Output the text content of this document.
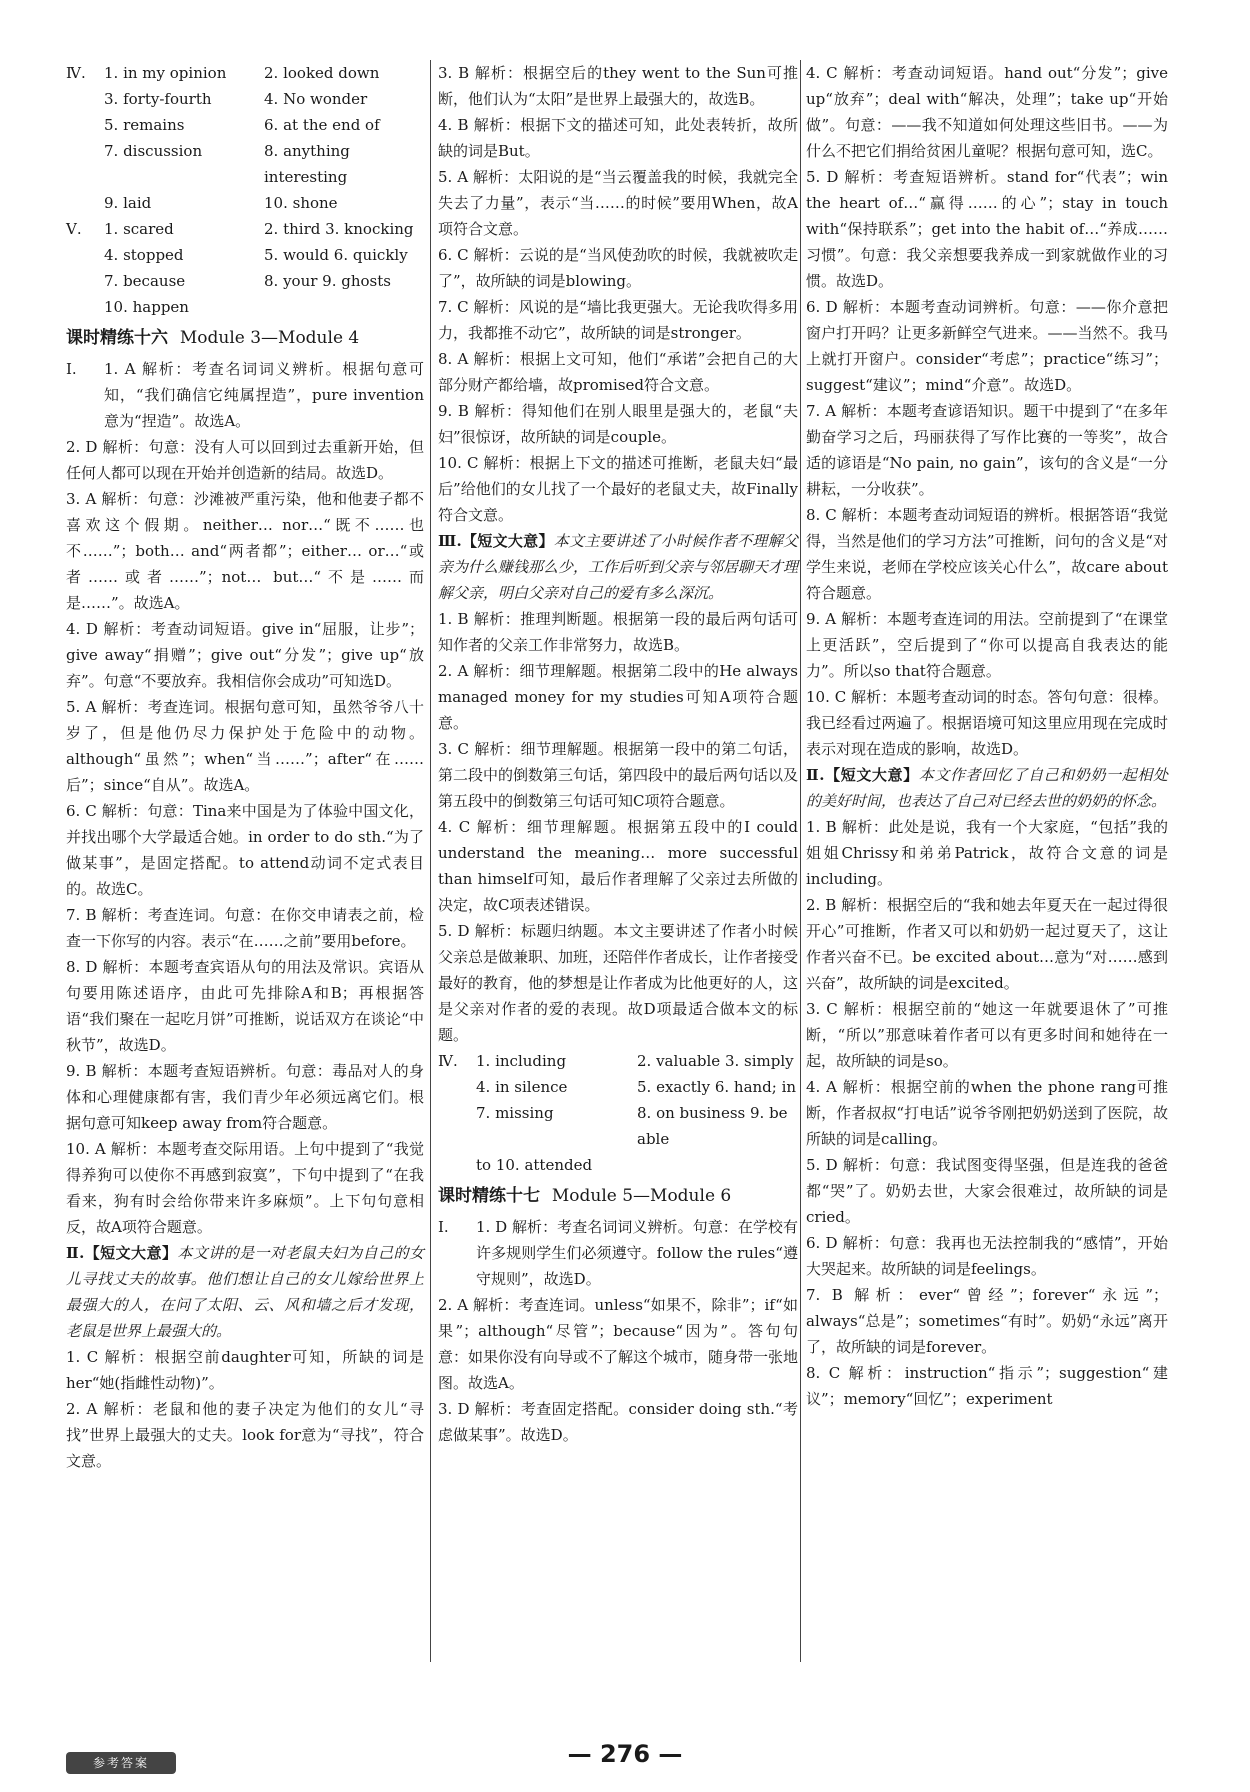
Ⅳ.	1. in my opinion	2. looked down
3. forty-fourth	4. No wonder
5. remains	6. at the end of
7. discussion	8. anything interesting
9. laid	10. shone
Ⅴ.	1. scared	2. third 3. knocking
4. stopped	5. would 6. quickly
7. because	8. your 9. ghosts
10. happen
课时精练十六 Module 3—Module 4
Ⅰ.	1. A 解析：考查名词词义辨析。根据句意可知，“我们确信它纯属捏造”，pure invention意为“捏造”。故选A。

2. D 解析：句意：没有人可以回到过去重新开始，但任何人都可以现在开始并创造新的结局。故选D。

3. A 解析：句意：沙滩被严重污染，他和他妻子都不喜欢这个假期。neither… nor…“既不……也不……”；both… and“两者都”；either… or…“或者……或者……”；not… but…“不是……而是……”。故选A。

4. D 解析：考查动词短语。give in“屈服，让步”；give away“捐赠”；give out“分发”；give up“放弃”。句意“不要放弃。我相信你会成功”可知选D。

5. A 解析：考查连词。根据句意可知，虽然爷爷八十岁了，但是他仍尽力保护处于危险中的动物。although“虽然”；when“当……”；after“在……后”；since“自从”。故选A。

6. C 解析：句意：Tina来中国是为了体验中国文化，并找出哪个大学最适合她。in order to do sth.“为了做某事”，是固定搭配。to attend动词不定式表目的。故选C。

7. B 解析：考查连词。句意：在你交申请表之前，检查一下你写的内容。表示“在……之前”要用before。

8. D 解析：本题考查宾语从句的用法及常识。宾语从句要用陈述语序，由此可先排除A和B；再根据答语“我们聚在一起吃月饼”可推断，说话双方在谈论“中秋节”，故选D。

9. B 解析：本题考查短语辨析。句意：毒品对人的身体和心理健康都有害，我们青少年必须远离它们。根据句意可知keep away from符合题意。

10. A 解析：本题考查交际用语。上句中提到了“我觉得养狗可以使你不再感到寂寞”，下句中提到了“在我看来，狗有时会给你带来许多麻烦”。上下句句意相反，故A项符合题意。

Ⅱ.【短文大意】本文讲的是一对老鼠夫妇为自己的女儿寻找丈夫的故事。他们想让自己的女儿嫁给世界上最强大的人，在问了太阳、云、风和墙之后才发现，老鼠是世界上最强大的。

1. C 解析：根据空前daughter可知，所缺的词是her“她(指雌性动物)”。

2. A 解析：老鼠和他的妻子决定为他们的女儿“寻找”世界上最强大的丈夫。look for意为“寻找”，符合文意。

3. B 解析：根据空后的they went to the Sun可推断，他们认为“太阳”是世界上最强大的，故选B。

4. B 解析：根据下文的描述可知，此处表转折，故所缺的词是But。

5. A 解析：太阳说的是“当云覆盖我的时候，我就完全失去了力量”，表示“当……的时候”要用When，故A项符合文意。

6. C 解析：云说的是“当风使劲吹的时候，我就被吹走了”，故所缺的词是blowing。

7. C 解析：风说的是“墙比我更强大。无论我吹得多用力，我都推不动它”，故所缺的词是stronger。

8. A 解析：根据上文可知，他们“承诺”会把自己的大部分财产都给墙，故promised符合文意。

9. B 解析：得知他们在别人眼里是强大的，老鼠“夫妇”很惊讶，故所缺的词是couple。

10. C 解析：根据上下文的描述可推断，老鼠夫妇“最后”给他们的女儿找了一个最好的老鼠丈夫，故Finally符合文意。

Ⅲ.【短文大意】本文主要讲述了小时候作者不理解父亲为什么赚钱那么少，工作后听到父亲与邻居聊天才理解父亲，明白父亲对自己的爱有多么深沉。

1. B 解析：推理判断题。根据第一段的最后两句话可知作者的父亲工作非常努力，故选B。

2. A 解析：细节理解题。根据第二段中的He always managed money for my studies可知A项符合题意。

3. C 解析：细节理解题。根据第一段中的第二句话，第二段中的倒数第三句话，第四段中的最后两句话以及第五段中的倒数第三句话可知C项符合题意。

4. C 解析：细节理解题。根据第五段中的I could understand the meaning… more successful than himself可知，最后作者理解了父亲过去所做的决定，故C项表述错误。

5. D 解析：标题归纳题。本文主要讲述了作者小时候父亲总是做兼职、加班，还陪伴作者成长，让作者接受最好的教育，他的梦想是让作者成为比他更好的人，这是父亲对作者的爱的表现。故D项最适合做本文的标题。

Ⅳ.	1. including	2. valuable 3. simply
4. in silence	5. exactly 6. hand; in
7. missing	8. on business 9. be able
to 10. attended
课时精练十七 Module 5—Module 6
Ⅰ.	1. D 解析：考查名词词义辨析。句意：在学校有许多规则学生们必须遵守。follow the rules“遵守规则”，故选D。

2. A 解析：考查连词。unless“如果不，除非”；if“如果”；although“尽管”；because“因为”。答句句意：如果你没有向导或不了解这个城市，随身带一张地图。故选A。

3. D 解析：考查固定搭配。consider doing sth.“考虑做某事”。故选D。

4. C 解析：考查动词短语。hand out“分发”；give up“放弃”；deal with“解决，处理”；take up“开始做”。句意：——我不知道如何处理这些旧书。——为什么不把它们捐给贫困儿童呢？根据句意可知，选C。

5. D 解析：考查短语辨析。stand for“代表”；win the heart of…“赢得……的心”；stay in touch with“保持联系”；get into the habit of…“养成……习惯”。句意：我父亲想要我养成一到家就做作业的习惯。故选D。

6. D 解析：本题考查动词辨析。句意：——你介意把窗户打开吗？让更多新鲜空气进来。——当然不。我马上就打开窗户。consider“考虑”；practice“练习”；suggest“建议”；mind“介意”。故选D。

7. A 解析：本题考查谚语知识。题干中提到了“在多年勤奋学习之后，玛丽获得了写作比赛的一等奖”，故合适的谚语是“No pain, no gain”，该句的含义是“一分耕耘，一分收获”。

8. C 解析：本题考查动词短语的辨析。根据答语“我觉得，当然是他们的学习方法”可推断，问句的含义是“对学生来说，老师在学校应该关心什么”，故care about符合题意。

9. A 解析：本题考查连词的用法。空前提到了“在课堂上更活跃”，空后提到了“你可以提高自我表达的能力”。所以so that符合题意。

10. C 解析：本题考查动词的时态。答句句意：很棒。我已经看过两遍了。根据语境可知这里应用现在完成时表示对现在造成的影响，故选D。

Ⅱ.【短文大意】本文作者回忆了自己和奶奶一起相处的美好时间，也表达了自己对已经去世的奶奶的怀念。

1. B 解析：此处是说，我有一个大家庭，“包括”我的姐姐Chrissy和弟弟Patrick，故符合文意的词是including。

2. B 解析：根据空后的“我和她去年夏天在一起过得很开心”可推断，作者又可以和奶奶一起过夏天了，这让作者兴奋不已。be excited about…意为“对……感到兴奋”，故所缺的词是excited。

3. C 解析：根据空前的“她这一年就要退休了”可推断，“所以”那意味着作者可以有更多时间和她待在一起，故所缺的词是so。

4. A 解析：根据空前的when the phone rang可推断，作者叔叔“打电话”说爷爷刚把奶奶送到了医院，故所缺的词是calling。

5. D 解析：句意：我试图变得坚强，但是连我的爸爸都“哭”了。奶奶去世，大家会很难过，故所缺的词是cried。

6. D 解析：句意：我再也无法控制我的“感情”，开始大哭起来。故所缺的词是feelings。

7. B 解析：ever“曾经”；forever“永远”；always“总是”；sometimes“有时”。奶奶“永远”离开了，故所缺的词是forever。

8. C 解析：instruction“指示”；suggestion“建议”；memory“回忆”；experiment

参考答案	— 276 —
